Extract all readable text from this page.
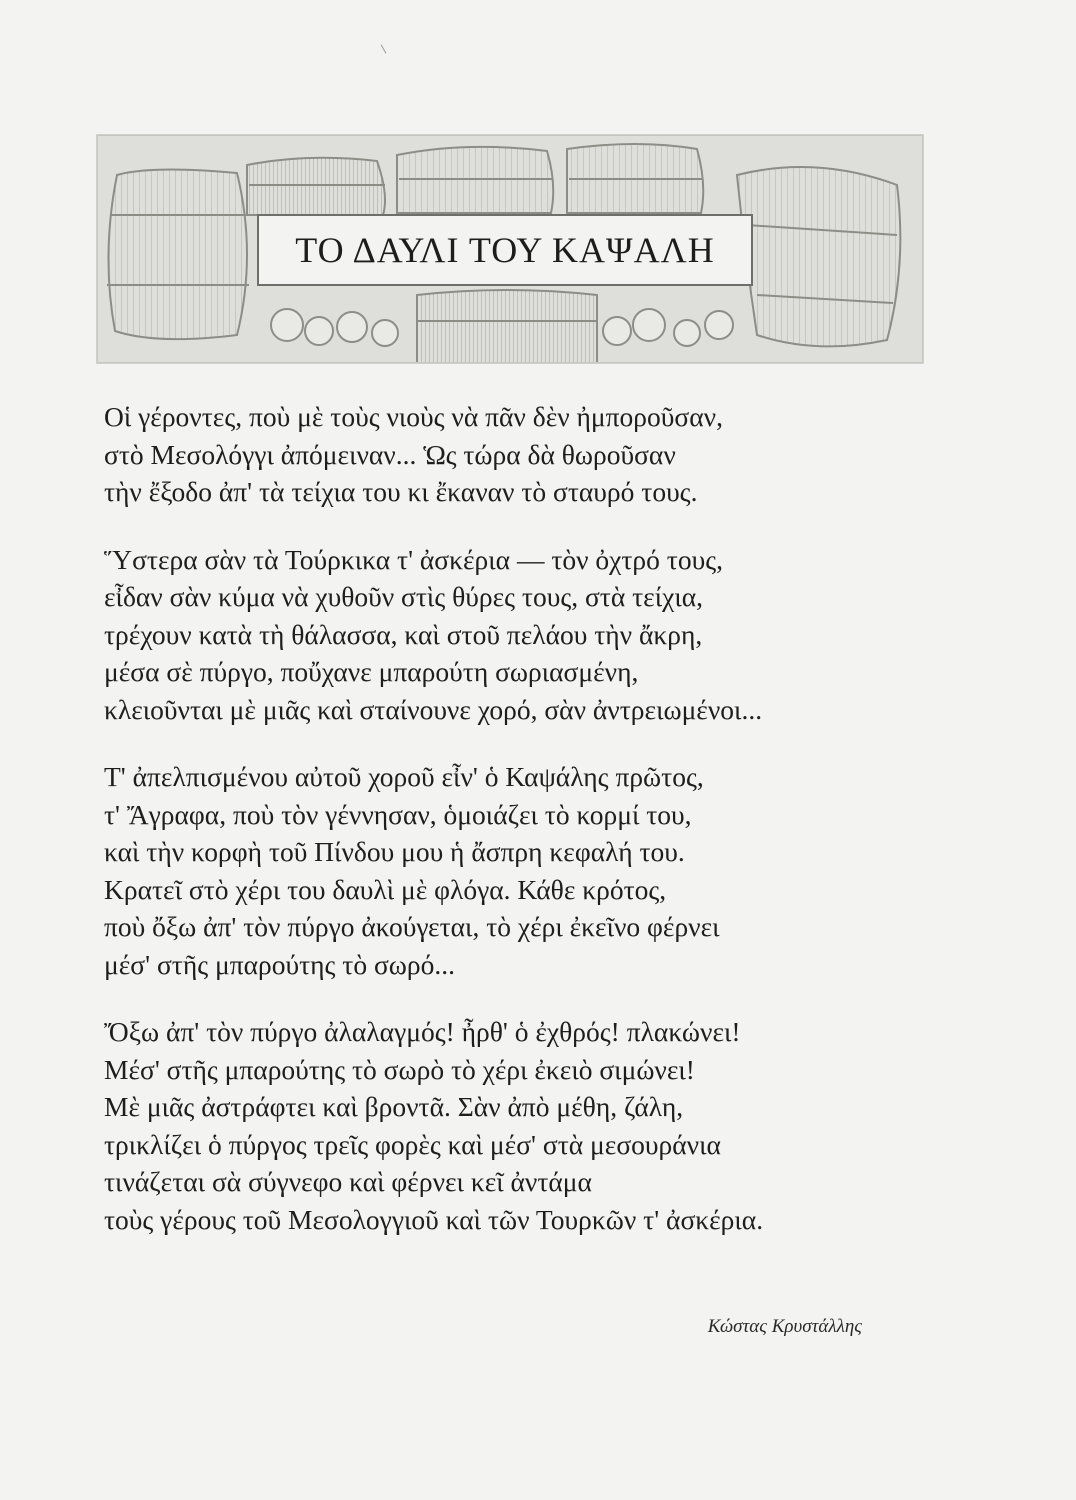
ΤΟ ΔΑΥΛΙ ΤΟΥ ΚΑΨΑΛΗ
Οἱ γέροντες, ποὺ μὲ τοὺς νιοὺς νὰ πᾶν δὲν ἠμποροῦσαν,
στὸ Μεσολόγγι ἀπόμειναν... Ὡς τώρα δὰ θωροῦσαν
τὴν ἔξοδο ἀπ' τὰ τείχια του κι ἔκαναν τὸ σταυρό τους.
Ὕστερα σὰν τὰ Τούρκικα τ' ἀσκέρια — τὸν ὀχτρό τους,
εἶδαν σὰν κύμα νὰ χυθοῦν στὶς θύρες τους, στὰ τείχια,
τρέχουν κατὰ τὴ θάλασσα, καὶ στοῦ πελάου τὴν ἄκρη,
μέσα σὲ πύργο, ποὔχανε μπαρούτη σωριασμένη,
κλειοῦνται μὲ μιᾶς καὶ σταίνουνε χορό, σὰν ἀντρειωμένοι...
Τ' ἀπελπισμένου αὐτοῦ χοροῦ εἶν' ὁ Καψάλης πρῶτος,
τ' Ἄγραφα, ποὺ τὸν γέννησαν, ὁμοιάζει τὸ κορμί του,
καὶ τὴν κορφὴ τοῦ Πίνδου μου ἡ ἄσπρη κεφαλή του.
Κρατεῖ στὸ χέρι του δαυλὶ μὲ φλόγα. Κάθε κρότος,
ποὺ ὄξω ἀπ' τὸν πύργο ἀκούγεται, τὸ χέρι ἐκεῖνο φέρνει
μέσ' στῆς μπαρούτης τὸ σωρό...
Ὄξω ἀπ' τὸν πύργο ἀλαλαγμός! ἦρθ' ὁ ἐχθρός! πλακώνει!
Μέσ' στῆς μπαρούτης τὸ σωρὸ τὸ χέρι ἐκειὸ σιμώνει!
Μὲ μιᾶς ἀστράφτει καὶ βροντᾶ. Σὰν ἀπὸ μέθη, ζάλη,
τρικλίζει ὁ πύργος τρεῖς φορὲς καὶ μέσ' στὰ μεσουράνια
τινάζεται σὰ σύγνεφο καὶ φέρνει κεῖ ἀντάμα
τοὺς γέρους τοῦ Μεσολογγιοῦ καὶ τῶν Τουρκῶν τ' ἀσκέρια.
Κώστας Κρυστάλλης
